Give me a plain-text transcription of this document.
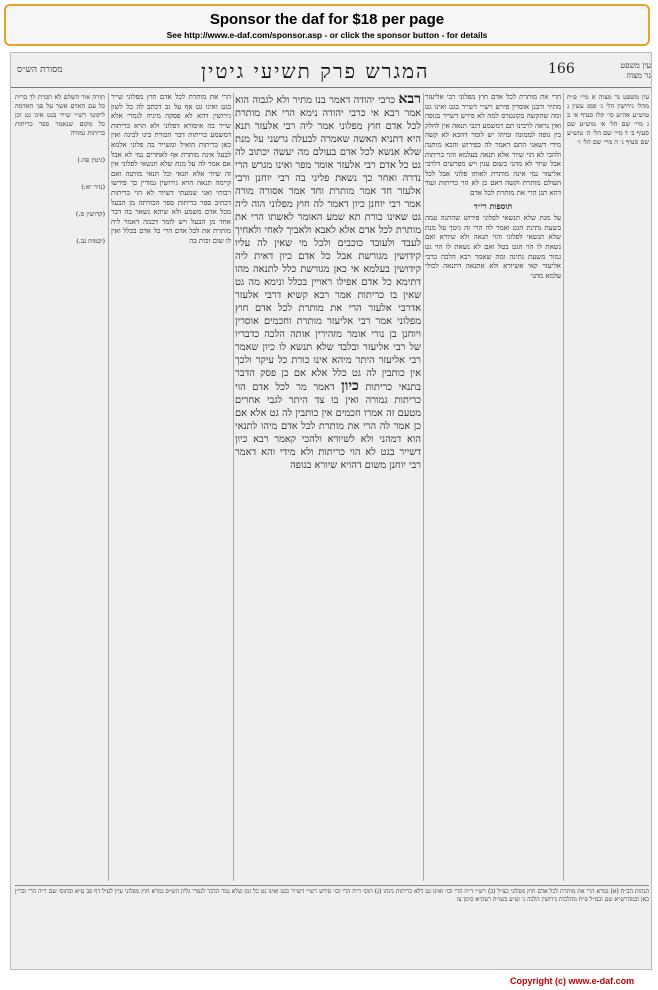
Sponsor the daf for $18 per page
See http://www.e-daf.com/sponsor.asp - or click the sponsor button - for details
מסורת הש״ס	המגרש פרק תשיעי גיטין	166	עין משפט נר מצוה
עין משפט נר מצוה א מיי׳ פ״ח מהל׳ גירושין הל׳ ג׳ סמג עשין נ טוש״ע אה״ע סי׳ קלז סעיף א׳ ב ג מיי׳ שם הל׳ א׳ טוש״ע שם סעיף ב׳ ד מיי׳ שם הל׳ ה׳ טוש״ע שם סעיף ג׳ ה מיי׳ שם הל׳ ו׳
הרי את מותרת לכל אדם חוץ מפלוני רבי אליעזר מתיר ורבנן אוסרין פירש רש״י דשייר בגט ואינו גט ומה שהקשה בקונטרס למה לא פירש דשייר בגופה ואין נראה לרבינו תם דמשמע דגבי תנאה אין לחלק בין גופה לממונה ומיהו יש לומר דהכא לא קשה מידי דשאני התם דאמר לה בפירוש והכא מותנה ולהכי לא הוי שיור אלא תנאה בעלמא והוי כריתות אבל שיור לא מהני בשום ענין ויש מפרשים דלרבי אליעזר נמי אינה מותרת לאותו פלוני אבל לכל העולם מותרת וקשה דאם כן לא הוי כריתות ועוד דהא תנן הרי את מותרת לכל אדם
תוספות רי״ד
על מנת שלא תנשאי לפלוני פירוש שהתנה עמה בשעת נתינת הגט ואמר לה הרי זה גיטך על מנת שלא תנשאי לפלוני והוי תנאה ולא שיורא ואם נשאת לו הוי הגט בטל ואם לא נשאת לו הוי גט גמור משעת נתינה ומה שאמר רבא הלכה כרבי אליעזר קאי אשיורא ולא אתנאה דתנאה לכולי עלמא מהני
רבא כרבי יהודה דאמר בנו מתיר ולא לגבוה הוא אמר רבא אי כרבי יהודה נימא הרי את מותרת לכל אדם חוץ מפלוני אמר ליה רבי אלעזר תנא היא דתניא האשה שאמרה לבעלה גרשני על מנת שלא אנשא לכל אדם בעולם מה יעשה יכתוב לה גט כל אדם רבי אלעזר אומר מפר ואינו מגרש הרי נדרה ואחר כך נשאת פליגי בה רבי יוחנן ורבי אלעזר חד אמר מותרת וחד אמר אסורה מורה אמר רבי יוחנן כיון דאמר לה חוץ מפלוני הוה ליה גט שאינו כורת תא שמע האומר לאשתו הרי את מותרת לכל אדם אלא לאבא ולאביך לאחי ולאחיך לעבד ולעובד כוכבים ולכל מי שאין לה עליו קידושין מגורשת אבל כל אדם כיון דאית ליה קידושין בעלמא אי כאן מגורשת כלל לתנאה מהו דתימא כל אדם אפילו ראויין בכלל ונימא מה גט שאין בו כריתות אמר רבא קשיא דרבי אלעזר אדרבי אלעזר הרי את מותרת לכל אדם חוץ מפלוני אמר רבי אליעזר מותרת וחכמים אוסרין ויוחנן בן נורי אומר מזהירין אותה הלכה כדבריו של רבי אליעזר ובלבד שלא תנשא לו כיון שאמר רבי אליעזר היתר מיהא אינו כורת כל עיקר ולכך אין כותבין לה גט כלל אלא אם כן פסק הדבר בתנאי כריתות כיון דאמר מר לכל אדם הוי כריתות גמורה ואין בו צד היתר לגבי אחרים מטעם זה אמרו חכמים אין כותבין לה גט אלא אם כן אמר לה הרי את מותרת לכל אדם מיהו לתנאי הוא דמהני ולא לשיורא ולהכי קאמר רבא כיון דשייר בגט לא הוי כריתות ולא מידי והא דאמר רבי יוחנן משום דהויא שיורא בגופה
הרי את מותרת לכל אדם חוץ מפלוני שייר בגט ואינו גט אף על גב דכתב לה כל לשון גירושין דהא לא פסקה מיניה לגמרי אלא שייר בה איסורא דפלוני ולא הויא כריתות דמשמע כריתות דבר הכורת בינו לבינה ואין כאן כריתות הואיל ומשייר בה פלוני אלמא לבעל אינה מותרת אף לאחרים נמי לא אבל אם אמר לה על מנת שלא תנשאי לפלוני אין זה שיור אלא תנאי וכל תנאי מותנה ואם קיימה תנאה הויא גירושין גמורין כך פירשו רבותי ואני שמעתי דשיור לא הוי כריתות דכתיב ספר כריתות ספר הכורתה מן הבעל מכל אדם משמע ולא שיהא נשאר בה דבר אחד מן הבעל ויש לומר דכמה דאמר ליה מותרת את לכל אדם הרי כל אדם בכלל ואין לו שום זכות בה
תורה אור השלם לא תכרת לך ברית כל עם האדם אשר על פני האדמה ליקוטי רש״י שייר בגט אינו גט וכן כל מקום שנאמר ספר כריתות כריתות גמורה
(גיטין פה.)
(נזיר יא:)
(קדושין ס.)
(יבמות נב.)
הגהות הב״ח (א) גמרא הרי את מותרת לכל אדם חוץ מפלוני כצ״ל (ב) רש״י ד״ה הרי וכו׳ ואינו גט דלא כריתות נינהו (ג) תוס׳ ד״ה הרי וכו׳ פירש רש״י דשייר בגט ואינו גט כל זמן שלא גמר הדבר לגמרי גליון הש״ס גמרא חוץ מפלוני עיין לעיל דף פב ע״א ובתוס׳ שם ד״ה הרי ובר״ן כאן ובמהרש״א שם ובמ״ל פ״ח מהלכות גירושין הלכה ג׳ וע״ע בשו״ת רעק״א סימן צז
Copyright (c) www.e-daf.com
